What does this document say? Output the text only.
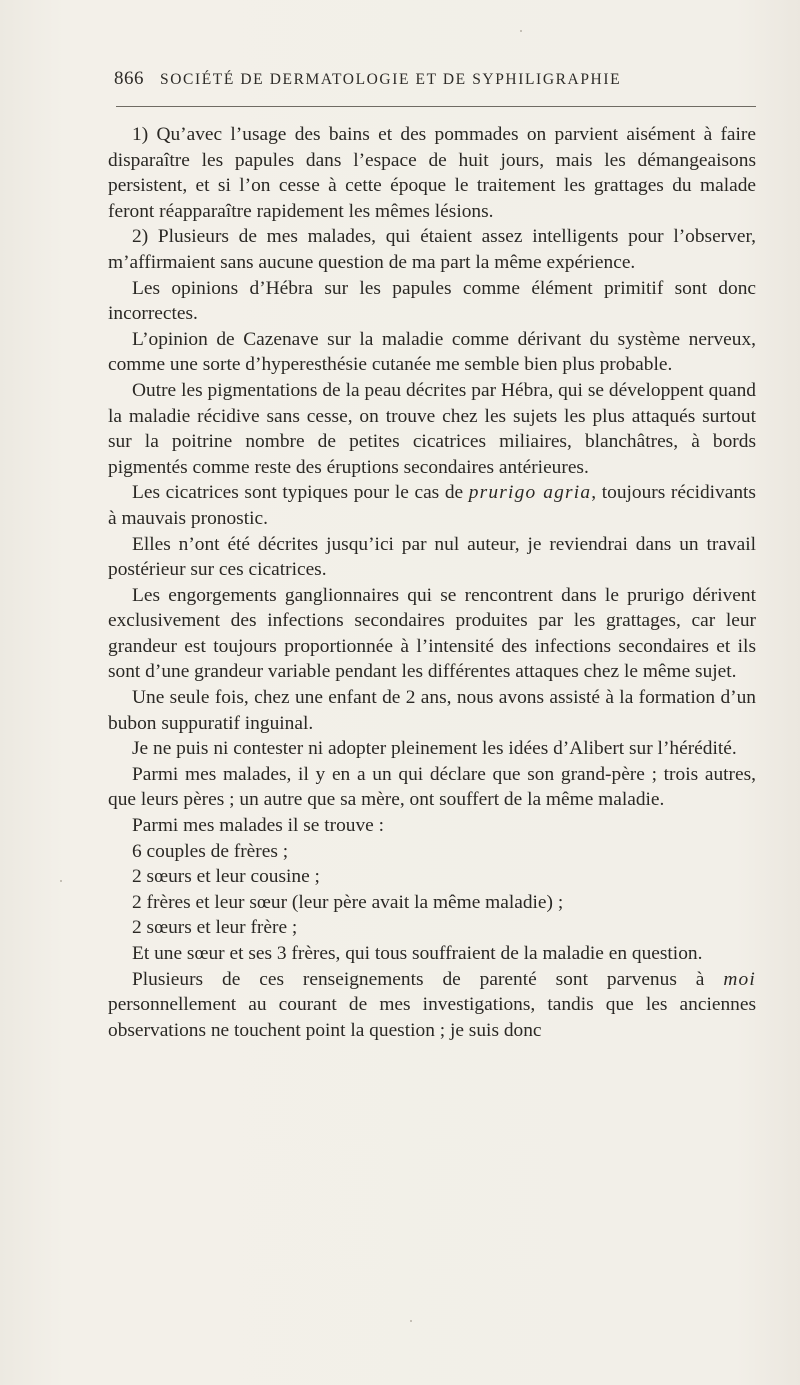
866 SOCIÉTÉ DE DERMATOLOGIE ET DE SYPHILIGRAPHIE

1) Qu’avec l’usage des bains et des pommades on parvient aisément à faire disparaître les papules dans l’espace de huit jours, mais les démangeaisons persistent, et si l’on cesse à cette époque le traitement les grattages du malade feront réapparaître rapidement les mêmes lésions.

2) Plusieurs de mes malades, qui étaient assez intelligents pour l’observer, m’affirmaient sans aucune question de ma part la même expérience.

Les opinions d’Hébra sur les papules comme élément primitif sont donc incorrectes.

L’opinion de Cazenave sur la maladie comme dérivant du système nerveux, comme une sorte d’hyperesthésie cutanée me semble bien plus probable.

Outre les pigmentations de la peau décrites par Hébra, qui se développent quand la maladie récidive sans cesse, on trouve chez les sujets les plus attaqués surtout sur la poitrine nombre de petites cicatrices miliaires, blanchâtres, à bords pigmentés comme reste des éruptions secondaires antérieures.

Les cicatrices sont typiques pour le cas de prurigo agria, toujours récidivants à mauvais pronostic.

Elles n’ont été décrites jusqu’ici par nul auteur, je reviendrai dans un travail postérieur sur ces cicatrices.

Les engorgements ganglionnaires qui se rencontrent dans le prurigo dérivent exclusivement des infections secondaires produites par les grattages, car leur grandeur est toujours proportionnée à l’intensité des infections secondaires et ils sont d’une grandeur variable pendant les différentes attaques chez le même sujet.

Une seule fois, chez une enfant de 2 ans, nous avons assisté à la formation d’un bubon suppuratif inguinal.

Je ne puis ni contester ni adopter pleinement les idées d’Alibert sur l’hérédité.

Parmi mes malades, il y en a un qui déclare que son grand-père ; trois autres, que leurs pères ; un autre que sa mère, ont souffert de la même maladie.

Parmi mes malades il se trouve :

6 couples de frères ;

2 sœurs et leur cousine ;

2 frères et leur sœur (leur père avait la même maladie) ;

2 sœurs et leur frère ;

Et une sœur et ses 3 frères, qui tous souffraient de la maladie en question.

Plusieurs de ces renseignements de parenté sont parvenus à moi personnellement au courant de mes investigations, tandis que les anciennes observations ne touchent point la question ; je suis donc
